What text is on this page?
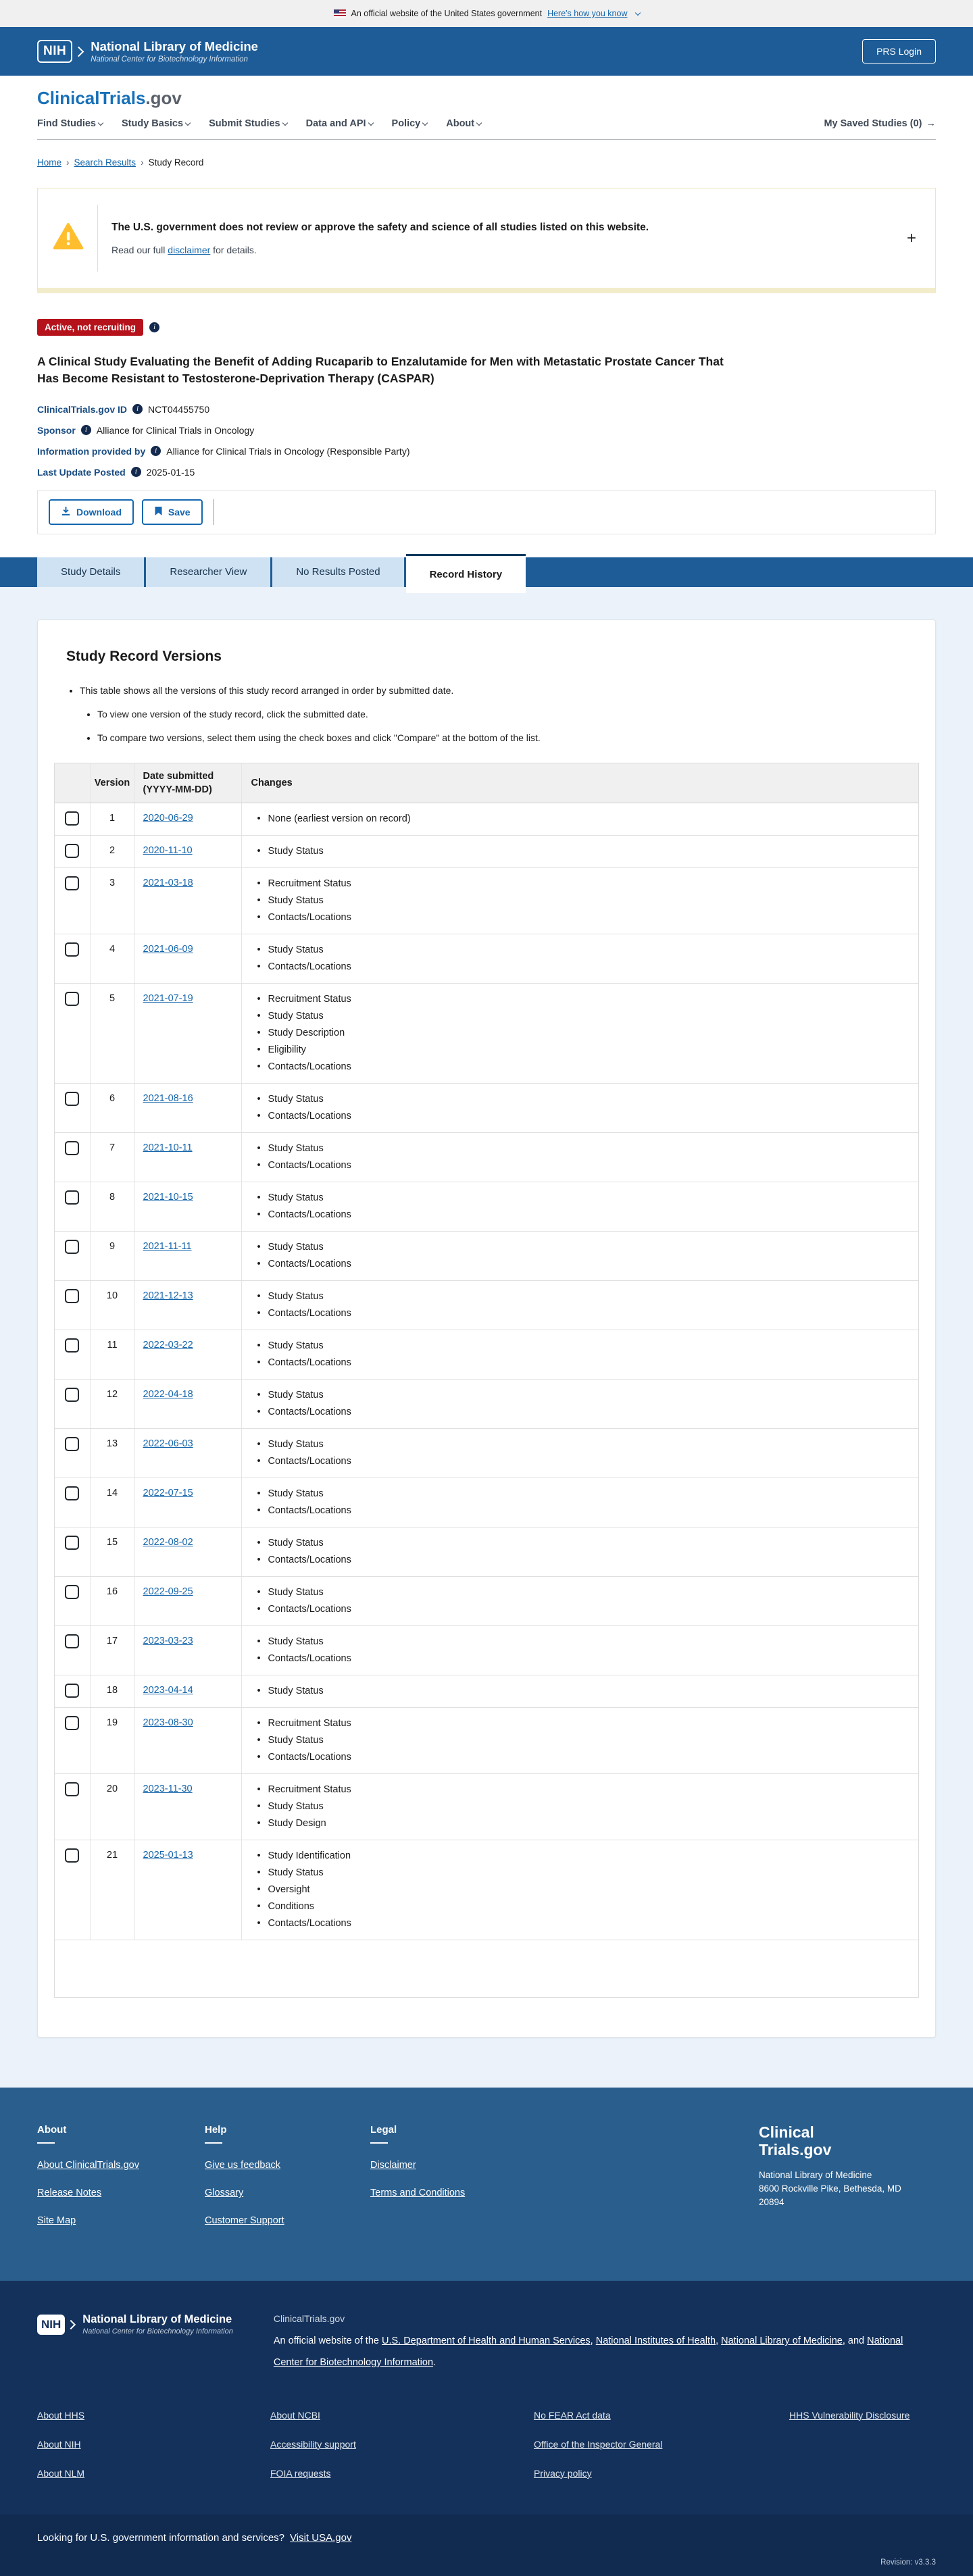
An official website of the United States government Here's how you know
NIH	National Library of Medicine
National Center for Biotechnology Information
PRS Login
ClinicalTrials.gov
Find Studies	Study Basics	Submit Studies	Data and API	Policy	About	My Saved Studies (0) →
Home › Search Results › Study Record
The U.S. government does not review or approve the safety and science of all studies listed on this website.
Read our full disclaimer for details.
+
Active, not recruiting	i
A Clinical Study Evaluating the Benefit of Adding Rucaparib to Enzalutamide for Men with Metastatic Prostate Cancer That Has Become Resistant to Testosterone-Deprivation Therapy (CASPAR)
ClinicalTrials.gov ID	i	NCT04455750
Sponsor	i	Alliance for Clinical Trials in Oncology
Information provided by	i	Alliance for Clinical Trials in Oncology (Responsible Party)
Last Update Posted	i	2025-01-15
Download	Save
Study Details	Researcher View	No Results Posted	Record History
Study Record Versions
• This table shows all the versions of this study record arranged in order by submitted date.
• To view one version of the study record, click the submitted date.
• To compare two versions, select them using the check boxes and click "Compare" at the bottom of the list.
	Version	Date submitted
(YYYY-MM-DD)	Changes
	1	2020-06-29	
•None (earliest version on record)

	2	2020-11-10	
•Study Status

	3	2021-03-18	
•Recruitment Status
• Study Status
• Contacts/Locations

	4	2021-06-09	
•Study Status
• Contacts/Locations

	5	2021-07-19	
•Recruitment Status
• Study Status
• Study Description
• Eligibility
• Contacts/Locations

	6	2021-08-16	
•Study Status
• Contacts/Locations

	7	2021-10-11	
•Study Status
• Contacts/Locations

	8	2021-10-15	
•Study Status
• Contacts/Locations

	9	2021-11-11	
•Study Status
• Contacts/Locations

	10	2021-12-13	
•Study Status
• Contacts/Locations

	11	2022-03-22	
•Study Status
• Contacts/Locations

	12	2022-04-18	
•Study Status
• Contacts/Locations

	13	2022-06-03	
•Study Status
• Contacts/Locations

	14	2022-07-15	
•Study Status
• Contacts/Locations

	15	2022-08-02	
•Study Status
• Contacts/Locations

	16	2022-09-25	
•Study Status
• Contacts/Locations

	17	2023-03-23	
•Study Status
• Contacts/Locations

	18	2023-04-14	
•Study Status

	19	2023-08-30	
•Recruitment Status
• Study Status
• Contacts/Locations

	20	2023-11-30	
•Recruitment Status
• Study Status
• Study Design

	21	2025-01-13	
•Study Identification
• Study Status
• Oversight
• Conditions
• Contacts/Locations
About
About ClinicalTrials.gov
Release Notes
Site Map
Help
Give us feedback
Glossary
Customer Support
Legal
Disclaimer
Terms and Conditions
Clinical
Trials.gov
National Library of Medicine
8600 Rockville Pike, Bethesda, MD
20894
NIH	National Library of Medicine
National Center for Biotechnology Information
ClinicalTrials.gov
An official website of the U.S. Department of Health and Human Services, National Institutes of Health, National Library of Medicine, and National Center for Biotechnology Information.
About HHS
About NIH
About NLM
About NCBI
Accessibility support
FOIA requests
No FEAR Act data
Office of the Inspector General
Privacy policy
HHS Vulnerability Disclosure
Looking for U.S. government information and services? Visit USA.gov
Revision: v3.3.3
